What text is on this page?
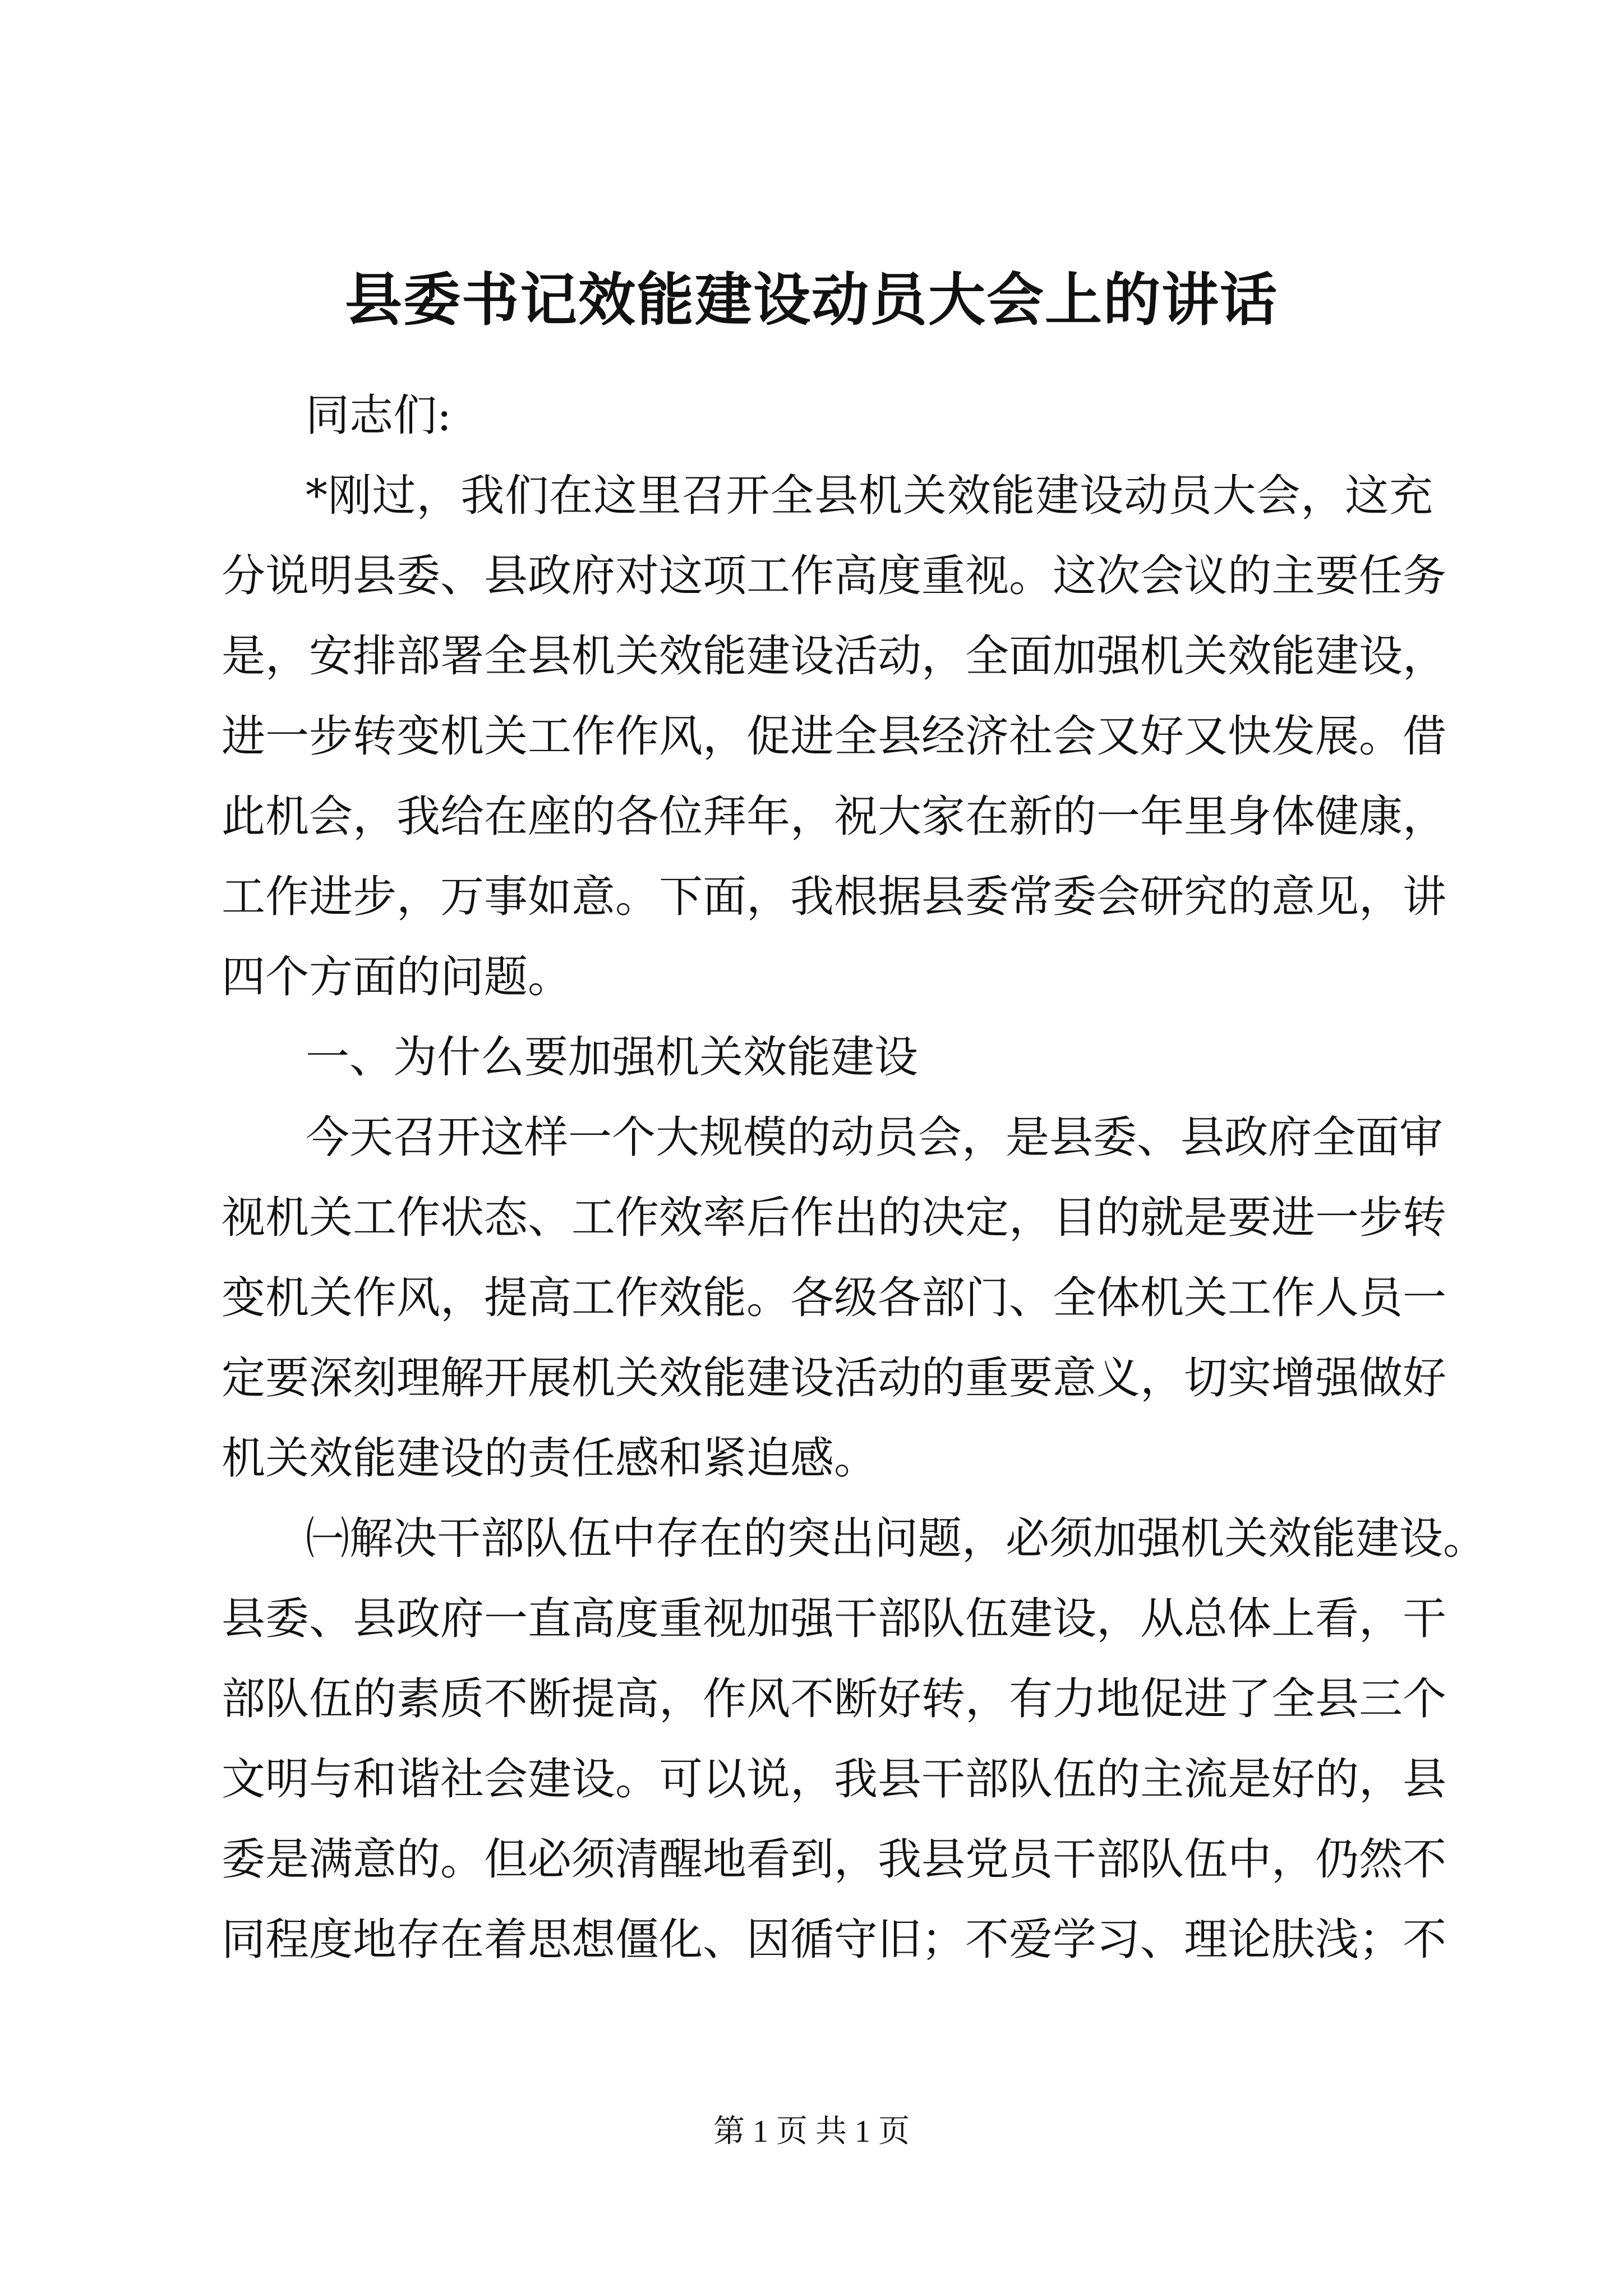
县委书记效能建设动员大会上的讲话
同志们:
*刚过，我们在这里召开全县机关效能建设动员大会，这充
分说明县委、县政府对这项工作高度重视。这次会议的主要任务
是，安排部署全县机关效能建设活动，全面加强机关效能建设，
进一步转变机关工作作风，促进全县经济社会又好又快发展。借
此机会，我给在座的各位拜年，祝大家在新的一年里身体健康，
工作进步，万事如意。下面，我根据县委常委会研究的意见，讲
四个方面的问题。
一、为什么要加强机关效能建设
今天召开这样一个大规模的动员会，是县委、县政府全面审
视机关工作状态、工作效率后作出的决定，目的就是要进一步转
变机关作风，提高工作效能。各级各部门、全体机关工作人员一
定要深刻理解开展机关效能建设活动的重要意义，切实增强做好
机关效能建设的责任感和紧迫感。
㈠解决干部队伍中存在的突出问题，必须加强机关效能建设。
县委、县政府一直高度重视加强干部队伍建设，从总体上看，干
部队伍的素质不断提高，作风不断好转，有力地促进了全县三个
文明与和谐社会建设。可以说，我县干部队伍的主流是好的，县
委是满意的。但必须清醒地看到，我县党员干部队伍中，仍然不
同程度地存在着思想僵化、因循守旧；不爱学习、理论肤浅；不
第 1 页 共 1 页
